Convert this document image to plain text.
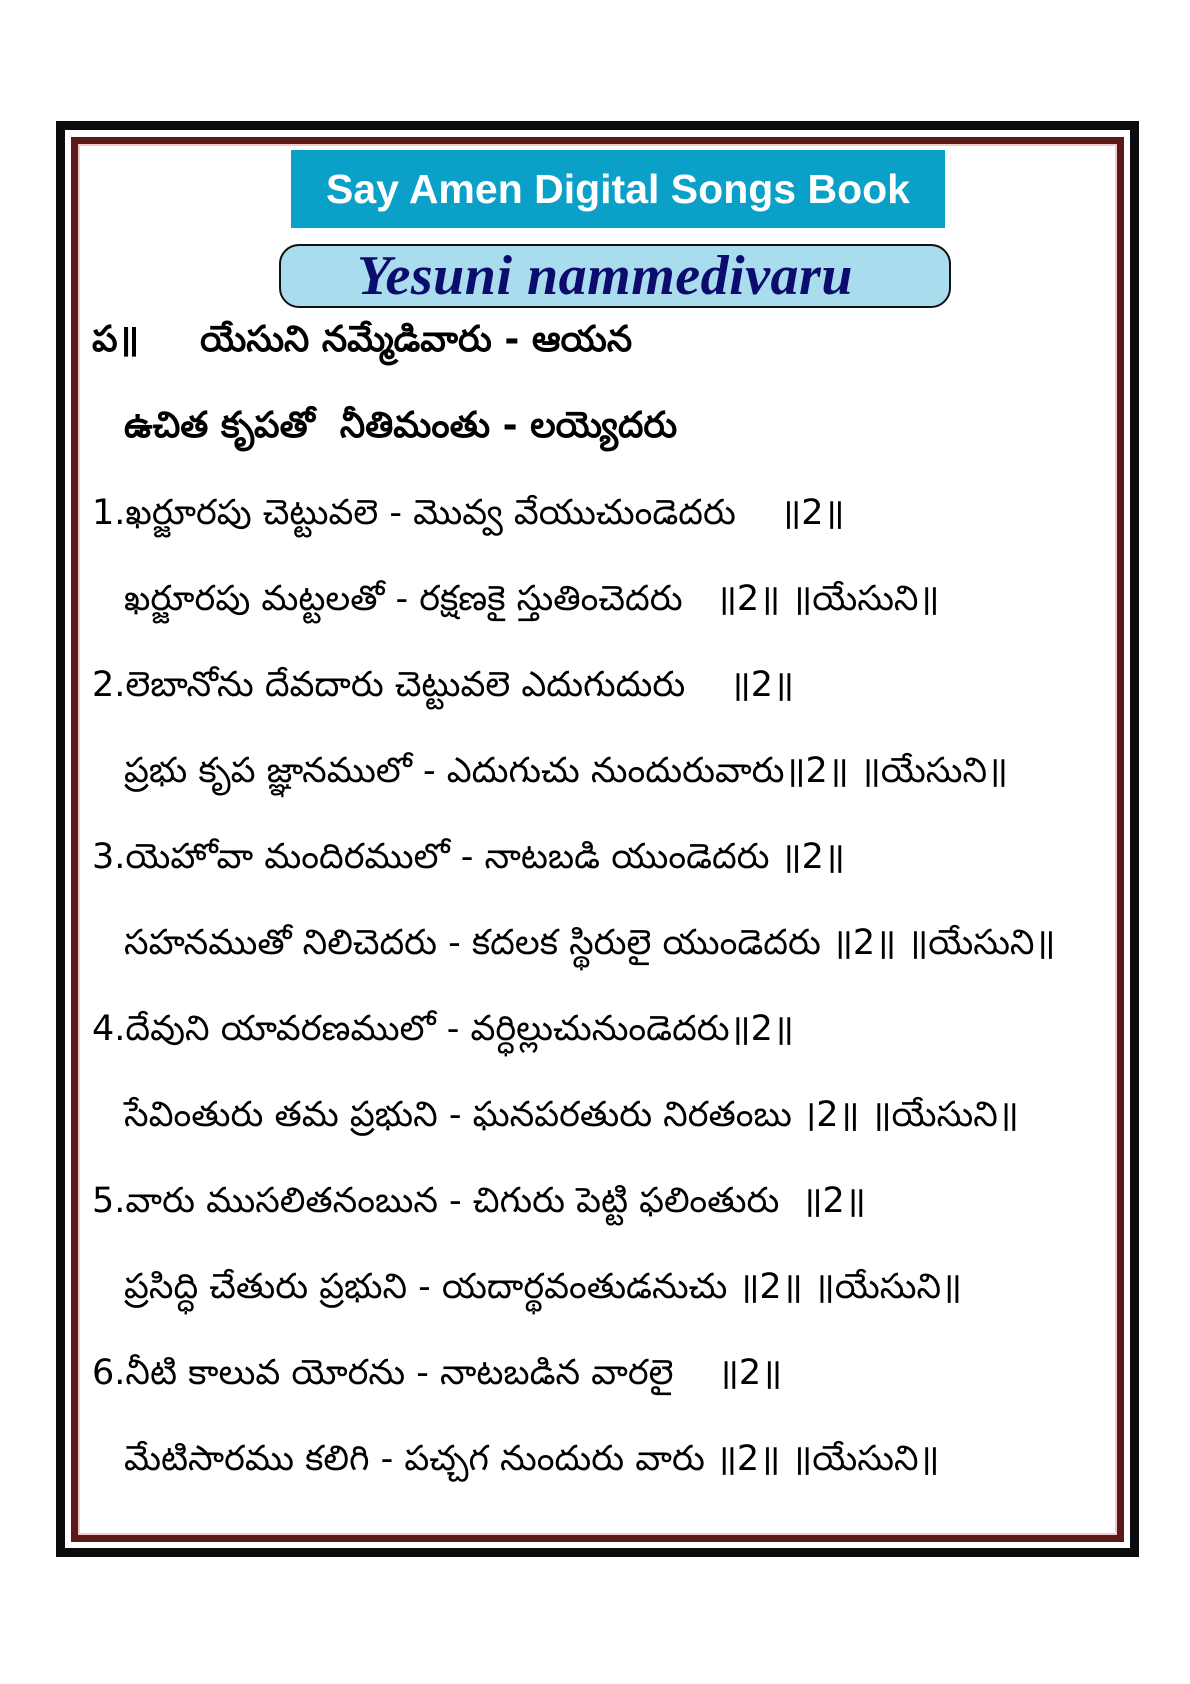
Say Amen Digital Songs Book
Yesuni nammedivaru
ప॥ యేసుని నమ్మేడివారు - ఆయన
ఉచిత కృపతో  నీతిమంతు - లయ్యెదరు
1.ఖర్జూరపు చెట్టువలె - మొవ్వ వేయుచుండెదరు    ॥2॥
ఖర్జూరపు మట్టలతో - రక్షణకై స్తుతించెదరు   ॥2॥ ॥యేసుని॥
2.లెబానోను దేవదారు చెట్టువలె ఎదుగుదురు    ॥2॥
ప్రభు కృప జ్ఞానములో - ఎదుగుచు నుందురువారు॥2॥ ॥యేసుని॥
3.యెహోవా మందిరములో - నాటబడి యుండెదరు ॥2॥
సహనముతో నిలిచెదరు - కదలక స్థిరులై యుండెదరు ॥2॥ ॥యేసుని॥
4.దేవుని యావరణములో - వర్ధిల్లుచునుండెదరు॥2॥
సేవింతురు తమ ప్రభుని - ఘనపరతురు నిరతంబు ।2॥ ॥యేసుని॥
5.వారు ముసలితనంబున - చిగురు పెట్టి ఫలింతురు  ॥2॥
ప్రసిద్ధి చేతురు ప్రభుని - యదార్థవంతుడనుచు ॥2॥ ॥యేసుని॥
6.నీటి కాలువ యోరను - నాటబడిన వారలై    ॥2॥
మేటిసారము కలిగి - పచ్చగ నుందురు వారు ॥2॥ ॥యేసుని॥
